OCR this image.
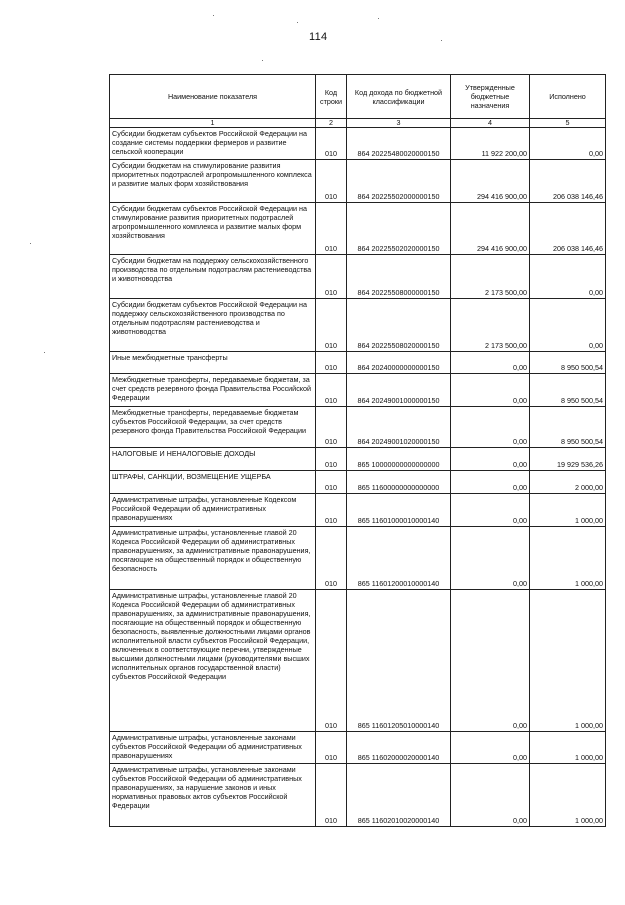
114
Наименование показателя	Код строки	Код дохода по бюджетной классификации	Утвержденные бюджетные назначения	Исполнено
1	2	3	4	5
Субсидии бюджетам субъектов Российской Федерации на создание системы поддержки фермеров и развитие сельской кооперации	010	864 20225480020000150	11 922 200,00	0,00
Субсидии бюджетам на стимулирование развития приоритетных подотраслей агропромышленного комплекса и развитие малых форм хозяйствования	010	864 20225502000000150	294 416 900,00	206 038 146,46
Субсидии бюджетам субъектов Российской Федерации на стимулирование развития приоритетных подотраслей агропромышленного комплекса и развитие малых форм хозяйствования	010	864 20225502020000150	294 416 900,00	206 038 146,46
Субсидии бюджетам на поддержку сельскохозяйственного производства по отдельным подотраслям растениеводства и животноводства	010	864 20225508000000150	2 173 500,00	0,00
Субсидии бюджетам субъектов Российской Федерации на поддержку сельскохозяйственного производства по отдельным подотраслям растениеводства и животноводства	010	864 20225508020000150	2 173 500,00	0,00
Иные межбюджетные трансферты	010	864 20240000000000150	0,00	8 950 500,54
Межбюджетные трансферты, передаваемые бюджетам, за счет средств резервного фонда Правительства Российской Федерации	010	864 20249001000000150	0,00	8 950 500,54
Межбюджетные трансферты, передаваемые бюджетам субъектов Российской Федерации, за счет средств резервного фонда Правительства Российской Федерации	010	864 20249001020000150	0,00	8 950 500,54
НАЛОГОВЫЕ И НЕНАЛОГОВЫЕ ДОХОДЫ	010	865 10000000000000000	0,00	19 929 536,26
ШТРАФЫ, САНКЦИИ, ВОЗМЕЩЕНИЕ УЩЕРБА	010	865 11600000000000000	0,00	2 000,00
Административные штрафы, установленные Кодексом Российской Федерации об административных правонарушениях	010	865 11601000010000140	0,00	1 000,00
Административные штрафы, установленные главой 20 Кодекса Российской Федерации об административных правонарушениях, за административные правонарушения, посягающие на общественный порядок и общественную безопасность	010	865 11601200010000140	0,00	1 000,00
Административные штрафы, установленные главой 20 Кодекса Российской Федерации об административных правонарушениях, за административные правонарушения, посягающие на общественный порядок и общественную безопасность, выявленные должностными лицами органов исполнительной власти субъектов Российской Федерации, включенных в соответствующие перечни, утвержденные высшими должностными лицами (руководителями высших исполнительных органов государственной власти) субъектов Российской Федерации	010	865 11601205010000140	0,00	1 000,00
Административные штрафы, установленные законами субъектов Российской Федерации об административных правонарушениях	010	865 11602000020000140	0,00	1 000,00
Административные штрафы, установленные законами субъектов Российской Федерации об административных правонарушениях, за нарушение законов и иных нормативных правовых актов субъектов Российской Федерации	010	865 11602010020000140	0,00	1 000,00
